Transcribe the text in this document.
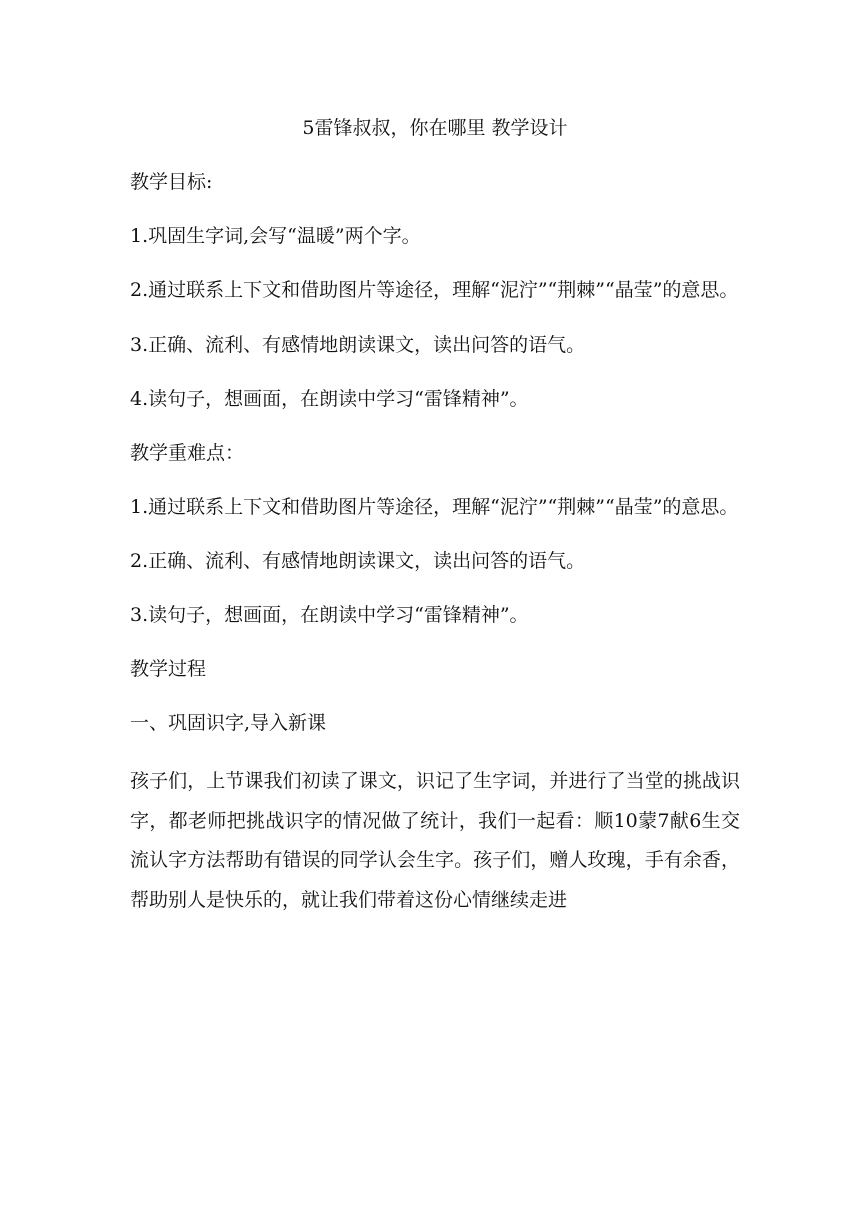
5雷锋叔叔，你在哪里 教学设计

教学目标:

1.巩固生字词,会写“温暖”两个字。

2.通过联系上下文和借助图片等途径，理解“泥泞”“荆棘”“晶莹”的意思。

3.正确、流利、有感情地朗读课文，读出问答的语气。

4.读句子，想画面，在朗读中学习“雷锋精神”。

教学重难点：

1.通过联系上下文和借助图片等途径，理解“泥泞”“荆棘”“晶莹”的意思。

2.正确、流利、有感情地朗读课文，读出问答的语气。

3.读句子，想画面，在朗读中学习“雷锋精神”。

教学过程

一、巩固识字,导入新课

孩子们，上节课我们初读了课文，识记了生字词，并进行了当堂的挑战识字，都老师把挑战识字的情况做了统计，我们一起看：顺10蒙7献6生交流认字方法帮助有错误的同学认会生字。孩子们，赠人玫瑰，手有余香，帮助别人是快乐的，就让我们带着这份心情继续走进
